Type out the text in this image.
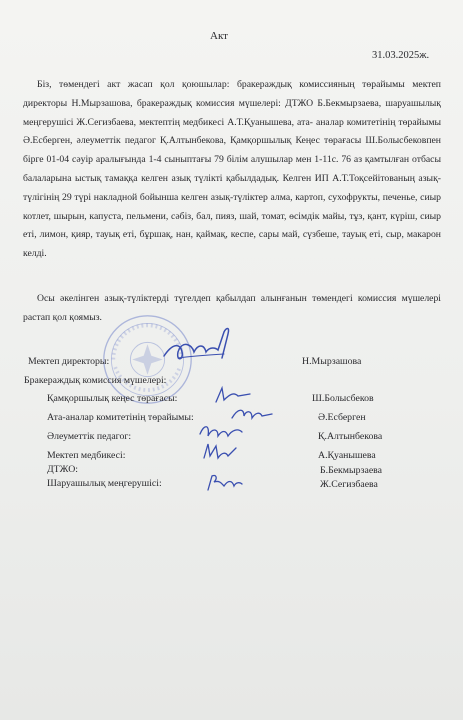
Акт
31.03.2025ж.

Біз, төмендегі акт жасап қол қоюшылар: бракераждық комиссияның төрайымы мектеп директоры Н.Мырзашова, бракераждық комиссия мүшелері: ДТЖО Б.Бекмырзаева, шаруашылық меңгерушісі Ж.Сегизбаева, мектептің медбикесі А.Т.Қуанышева, ата- аналар комитетінің төрайымы Ә.Есберген, әлеуметтік педагог Қ.Алтынбекова, Қамқоршылық Кеңес төрағасы Ш.Болысбековпен бірге 01-04 сәуір аралығында 1-4 сыныптағы 79 білім алушылар мен 1-11с. 76 аз қамтылған отбасы балаларына ыстық тамаққа келген азық түлікті қабылдадық. Келген ИП А.Т.Тоқсейітованың азық-түлігінің 29 түрі накладной бойынша келген азық-түліктер алма, картоп, сухофрукты, печенье, сиыр котлет, шырын, капуста, пельмени, сәбіз, бал, пияз, шай, томат, өсімдік майы, тұз, қант, күріш, сиыр еті, лимон, қияр, тауық еті, бұршақ, нан, қаймақ, кеспе, сары май, сүзбеше, тауық еті, сыр, макарон келді.

Осы әкелінген азық-түліктерді түгелдеп қабылдап алынғанын төмендегі комиссия мүшелері растап қол қоямыз.

Мектеп директоры:	Н.Мырзашова
Бракераждық комиссия мүшелері:
Қамқоршылық кеңес төрағасы:	Ш.Болысбеков
Ата-аналар комитетінің төрайымы:	Ә.Есберген
Әлеуметтік педагог:	Қ.Алтынбекова
Мектеп медбикесі:	А.Қуанышева
ДТЖО:	Б.Бекмырзаева
Шаруашылық меңгерушісі:	Ж.Сегизбаева
